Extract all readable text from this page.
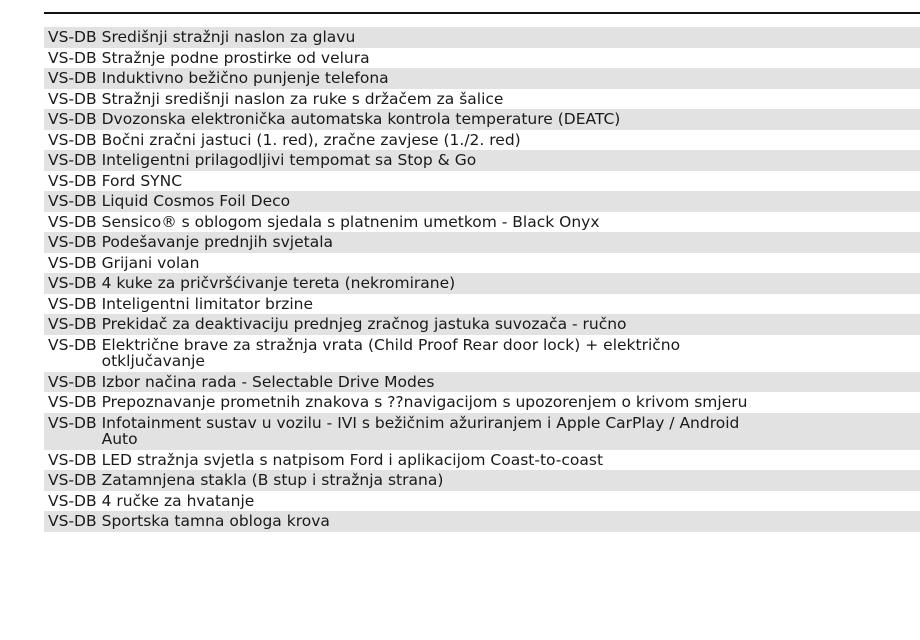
VS-DB Središnji stražnji naslon za glavu
VS-DB Stražnje podne prostirke od velura
VS-DB Induktivno bežično punjenje telefona
VS-DB Stražnji središnji naslon za ruke s držačem za šalice
VS-DB Dvozonska elektronička automatska kontrola temperature (DEATC)
VS-DB Bočni zračni jastuci (1. red), zračne zavjese (1./2. red)
VS-DB Inteligentni prilagodljivi tempomat sa Stop & Go
VS-DB Ford SYNC
VS-DB Liquid Cosmos Foil Deco
VS-DB Sensico® s oblogom sjedala s platnenim umetkom - Black Onyx
VS-DB Podešavanje prednjih svjetala
VS-DB Grijani volan
VS-DB 4 kuke za pričvršćivanje tereta (nekromirane)
VS-DB Inteligentni limitator brzine
VS-DB Prekidač za deaktivaciju prednjeg zračnog jastuka suvozača - ručno
VS-DB Električne brave za stražnja vrata (Child Proof Rear door lock) + električno otključavanje
VS-DB Izbor načina rada - Selectable Drive Modes
VS-DB Prepoznavanje prometnih znakova s ??navigacijom s upozorenjem o krivom smjeru
VS-DB Infotainment sustav u vozilu - IVI s bežičnim ažuriranjem i Apple CarPlay / Android Auto
VS-DB LED stražnja svjetla s natpisom Ford i aplikacijom Coast-to-coast
VS-DB Zatamnjena stakla (B stup i stražnja strana)
VS-DB 4 ručke za hvatanje
VS-DB Sportska tamna obloga krova
